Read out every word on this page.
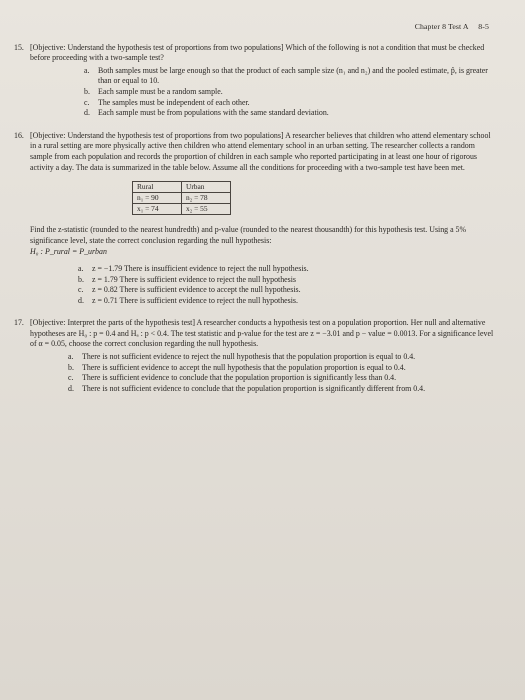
Chapter 8 Test A 8-5
15. [Objective: Understand the hypothesis test of proportions from two populations] Which of the following is not a condition that must be checked before proceeding with a two-sample test?
a.	Both samples must be large enough so that the product of each sample size (n₁ and n₂) and the pooled estimate, p̂, is greater than or equal to 10.
b.	Each sample must be a random sample.
c.	The samples must be independent of each other.
d.	Each sample must be from populations with the same standard deviation.
16. [Objective: Understand the hypothesis test of proportions from two populations] A researcher believes that children who attend elementary school in a rural setting are more physically active then children who attend elementary school in an urban setting. The researcher collects a random sample from each population and records the proportion of children in each sample who reported participating in at least one hour of rigorous activity a day. The data is summarized in the table below. Assume all the conditions for proceeding with a two-sample test have been met.
Rural	Urban
n₁ = 90	n₂ = 78
x₁ = 74	x₂ = 55
Find the z-statistic (rounded to the nearest hundredth) and p-value (rounded to the nearest thousandth) for this hypothesis test. Using a 5% significance level, state the correct conclusion regarding the null hypothesis:
H₀ : P_rural = P_urban
a.	z = −1.79 There is insufficient evidence to reject the null hypothesis.
b.	z = 1.79 There is sufficient evidence to reject the null hypothesis
c.	z = 0.82 There is sufficient evidence to accept the null hypothesis.
d.	z = 0.71 There is sufficient evidence to reject the null hypothesis.
17. [Objective: Interpret the parts of the hypothesis test] A researcher conducts a hypothesis test on a population proportion. Her null and alternative hypotheses are H₀ : p = 0.4 and Hₐ : p < 0.4. The test statistic and p-value for the test are z = −3.01 and p − value = 0.0013. For a significance level of α = 0.05, choose the correct conclusion regarding the null hypothesis.
a.	There is not sufficient evidence to reject the null hypothesis that the population proportion is equal to 0.4.
b.	There is sufficient evidence to accept the null hypothesis that the population proportion is equal to 0.4.
c.	There is sufficient evidence to conclude that the population proportion is significantly less than 0.4.
d.	There is not sufficient evidence to conclude that the population proportion is significantly different from 0.4.
